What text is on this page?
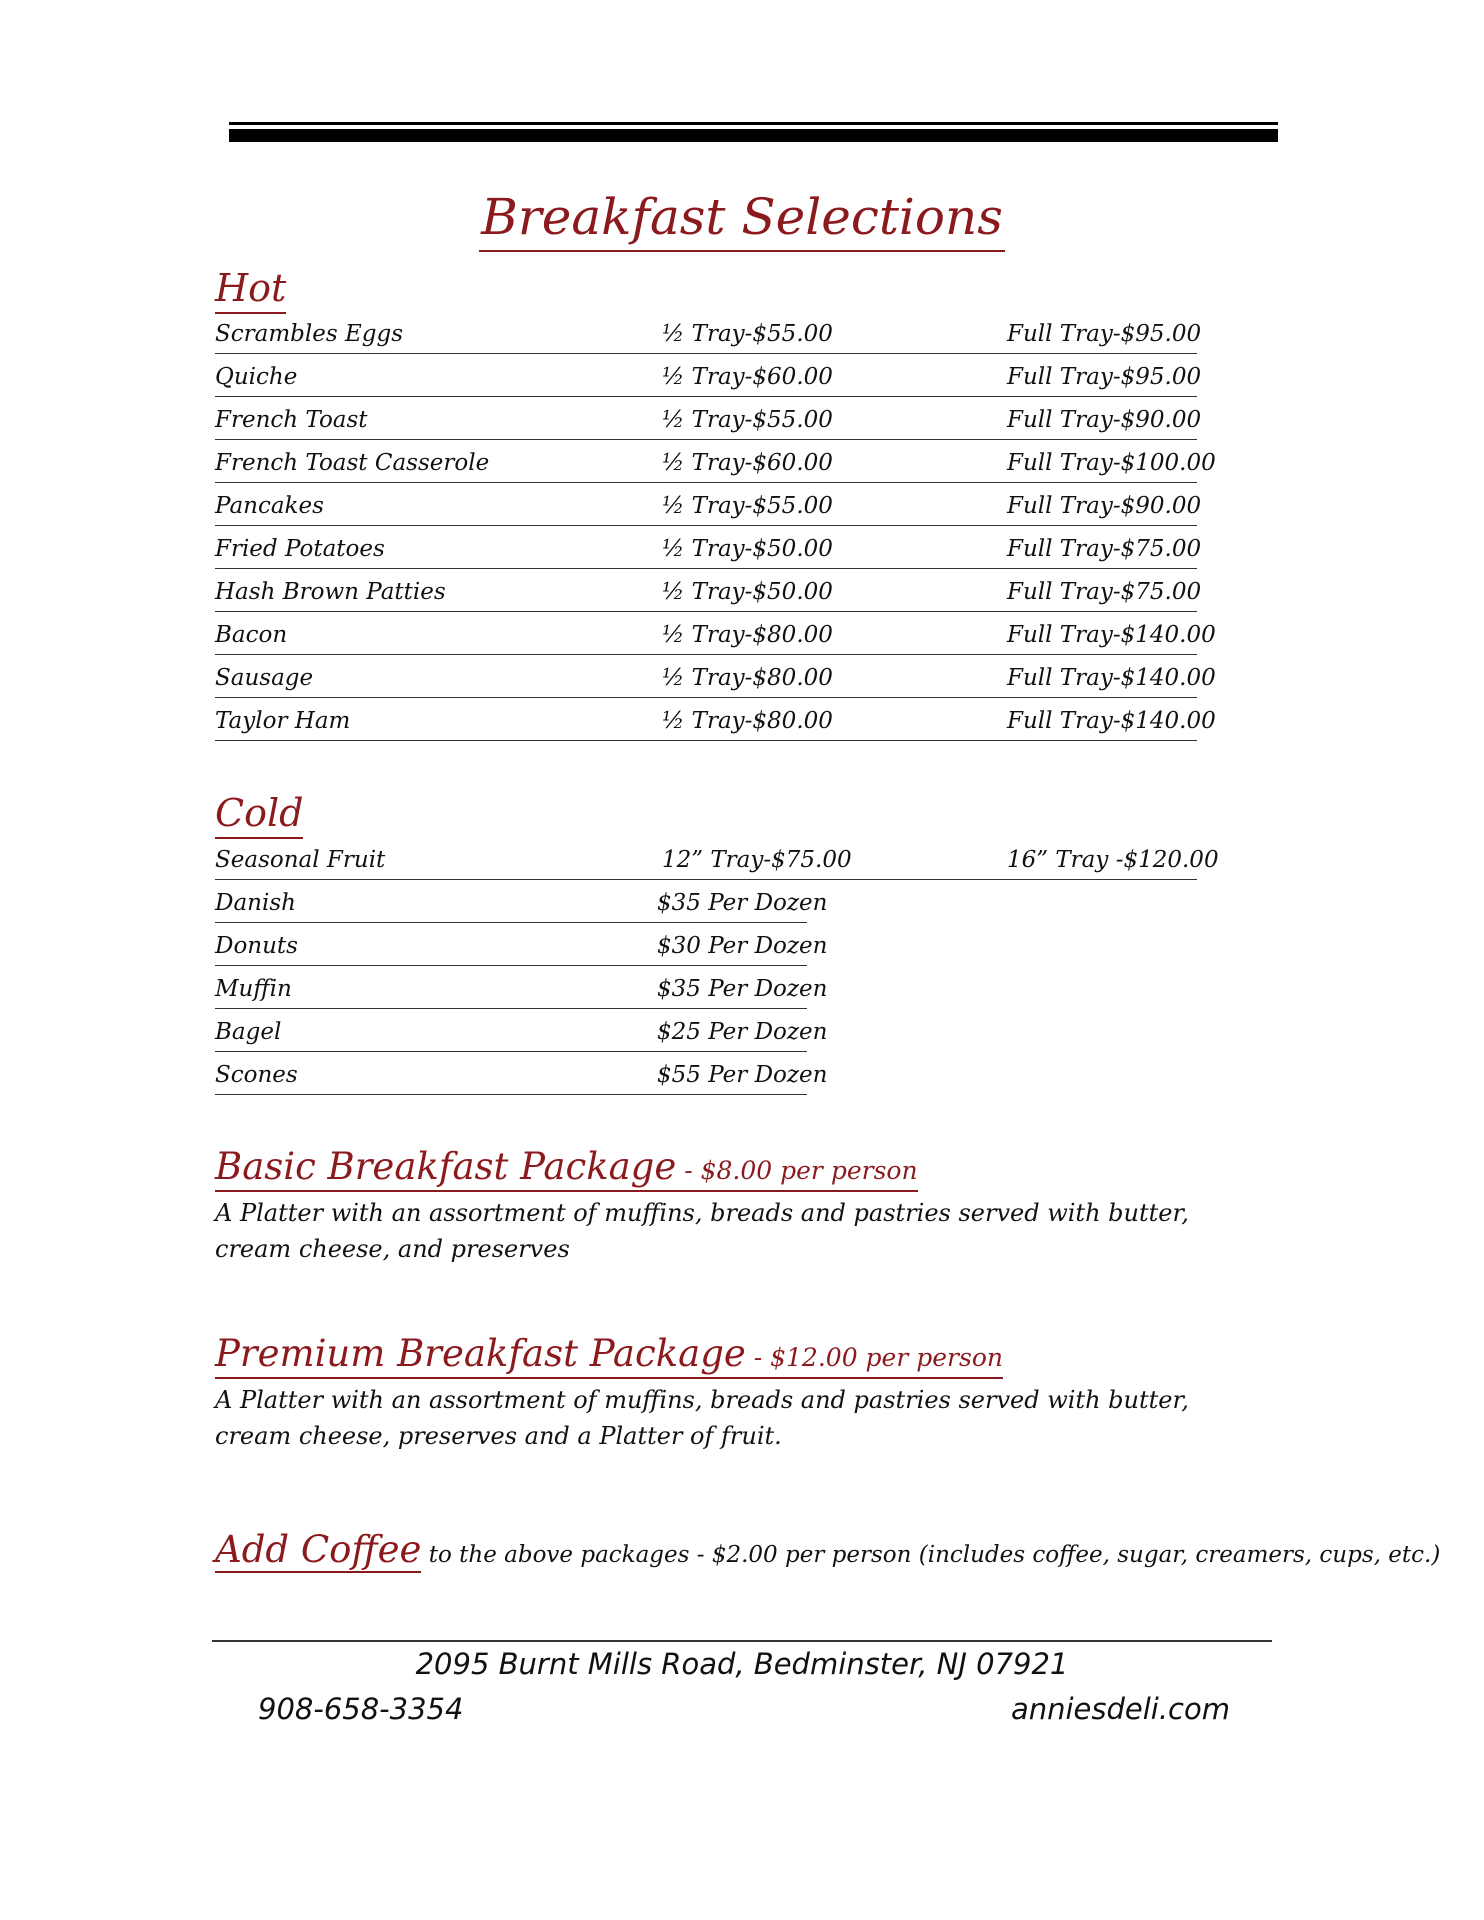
Breakfast Selections
Hot
Scrambles Eggs	½ Tray-$55.00	Full Tray-$95.00
Quiche	½ Tray-$60.00	Full Tray-$95.00
French Toast	½ Tray-$55.00	Full Tray-$90.00
French Toast Casserole	½ Tray-$60.00	Full Tray-$100.00
Pancakes	½ Tray-$55.00	Full Tray-$90.00
Fried Potatoes	½ Tray-$50.00	Full Tray-$75.00
Hash Brown Patties	½ Tray-$50.00	Full Tray-$75.00
Bacon	½ Tray-$80.00	Full Tray-$140.00
Sausage	½ Tray-$80.00	Full Tray-$140.00
Taylor Ham	½ Tray-$80.00	Full Tray-$140.00
Cold
Seasonal Fruit	12” Tray-$75.00	16” Tray -$120.00
Danish	$35 Per Dozen
Donuts	$30 Per Dozen
Muffin	$35 Per Dozen
Bagel	$25 Per Dozen
Scones	$55 Per Dozen
Basic Breakfast Package - $8.00 per person
A Platter with an assortment of muffins, breads and pastries served with butter, cream cheese, and preserves
Premium Breakfast Package - $12.00 per person
A Platter with an assortment of muffins, breads and pastries served with butter, cream cheese, preserves and a Platter of fruit.
Add Coffee to the above packages - $2.00 per person (includes coffee, sugar, creamers, cups, etc.)
2095 Burnt Mills Road, Bedminster, NJ 07921
908-658-3354	anniesdeli.com
